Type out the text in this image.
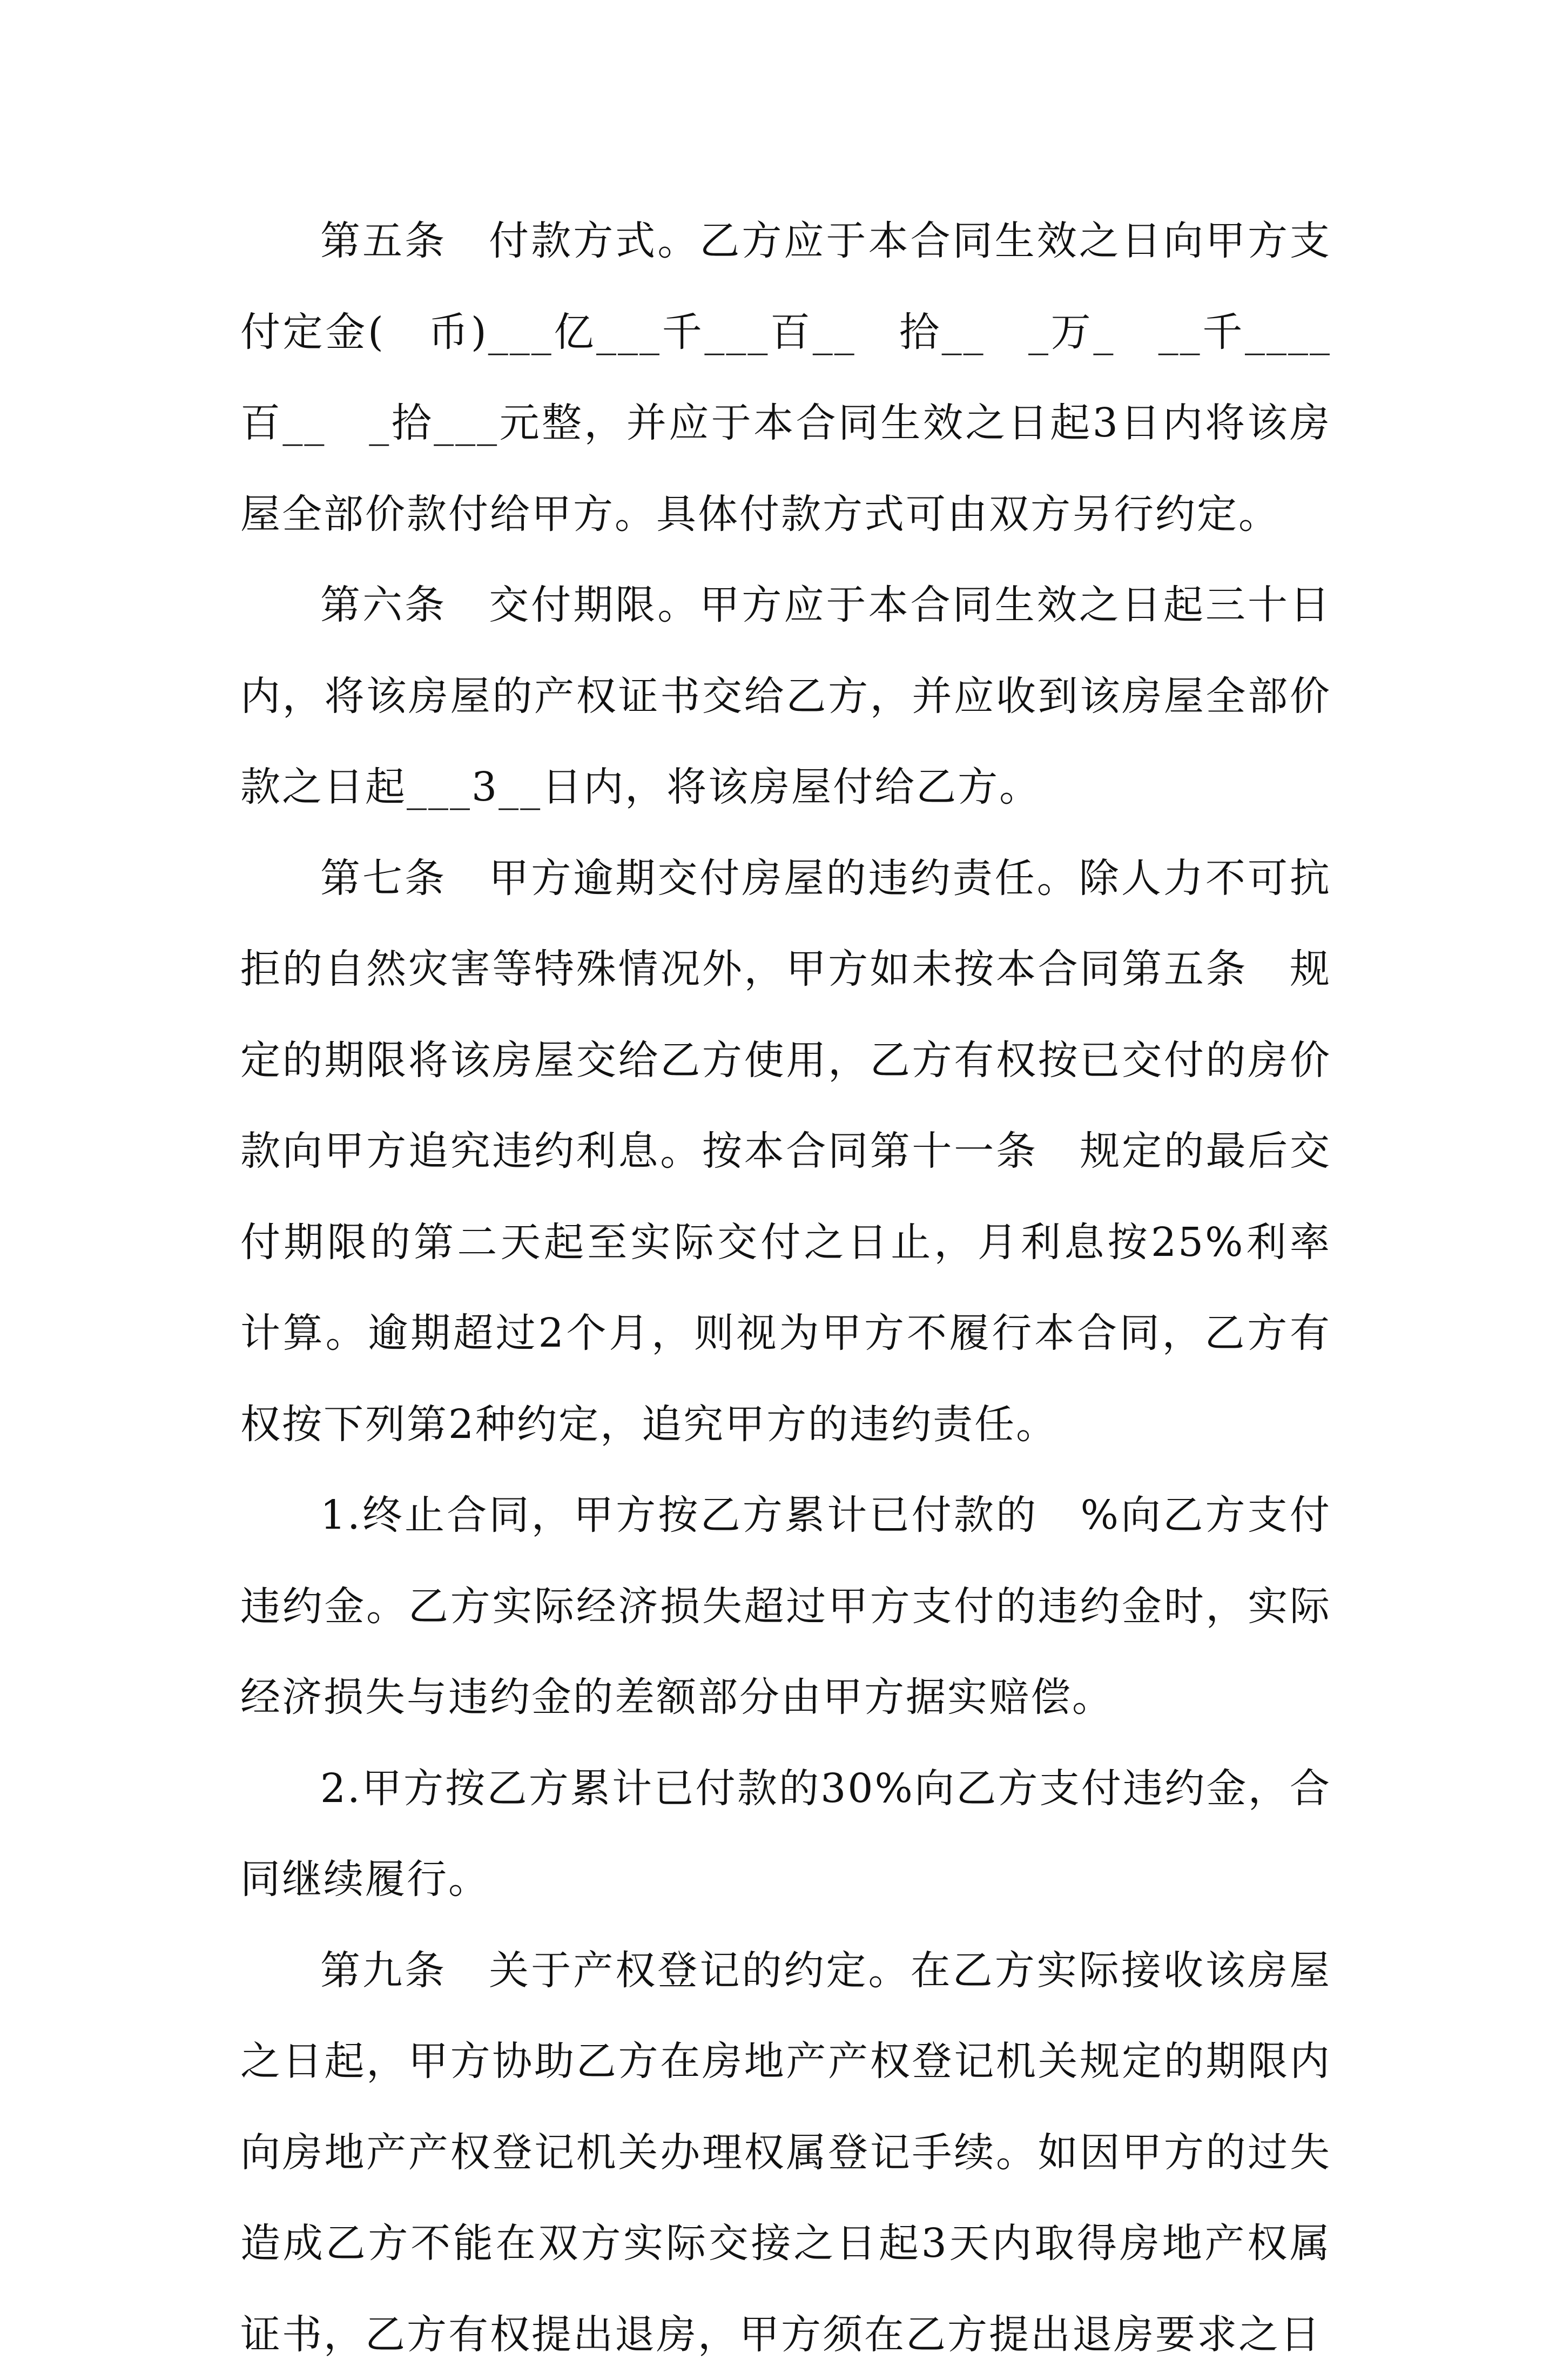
第五条　付款方式。乙方应于本合同生效之日向甲方支付定金(　币)___亿___千___百__　拾__　_万_　__千____百__　_拾___元整，并应于本合同生效之日起3日内将该房屋全部价款付给甲方。具体付款方式可由双方另行约定。

第六条　交付期限。甲方应于本合同生效之日起三十日内，将该房屋的产权证书交给乙方，并应收到该房屋全部价款之日起___3__日内，将该房屋付给乙方。

第七条　甲方逾期交付房屋的违约责任。除人力不可抗拒的自然灾害等特殊情况外，甲方如未按本合同第五条　规定的期限将该房屋交给乙方使用，乙方有权按已交付的房价款向甲方追究违约利息。按本合同第十一条　规定的最后交付期限的第二天起至实际交付之日止，月利息按25%利率计算。逾期超过2个月，则视为甲方不履行本合同，乙方有权按下列第2种约定，追究甲方的违约责任。

1.终止合同，甲方按乙方累计已付款的　%向乙方支付违约金。乙方实际经济损失超过甲方支付的违约金时，实际经济损失与违约金的差额部分由甲方据实赔偿。

2.甲方按乙方累计已付款的30%向乙方支付违约金，合同继续履行。

第九条　关于产权登记的约定。在乙方实际接收该房屋之日起，甲方协助乙方在房地产产权登记机关规定的期限内向房地产产权登记机关办理权属登记手续。如因甲方的过失造成乙方不能在双方实际交接之日起3天内取得房地产权属证书，乙方有权提出退房，甲方须在乙方提出退房要求之日
